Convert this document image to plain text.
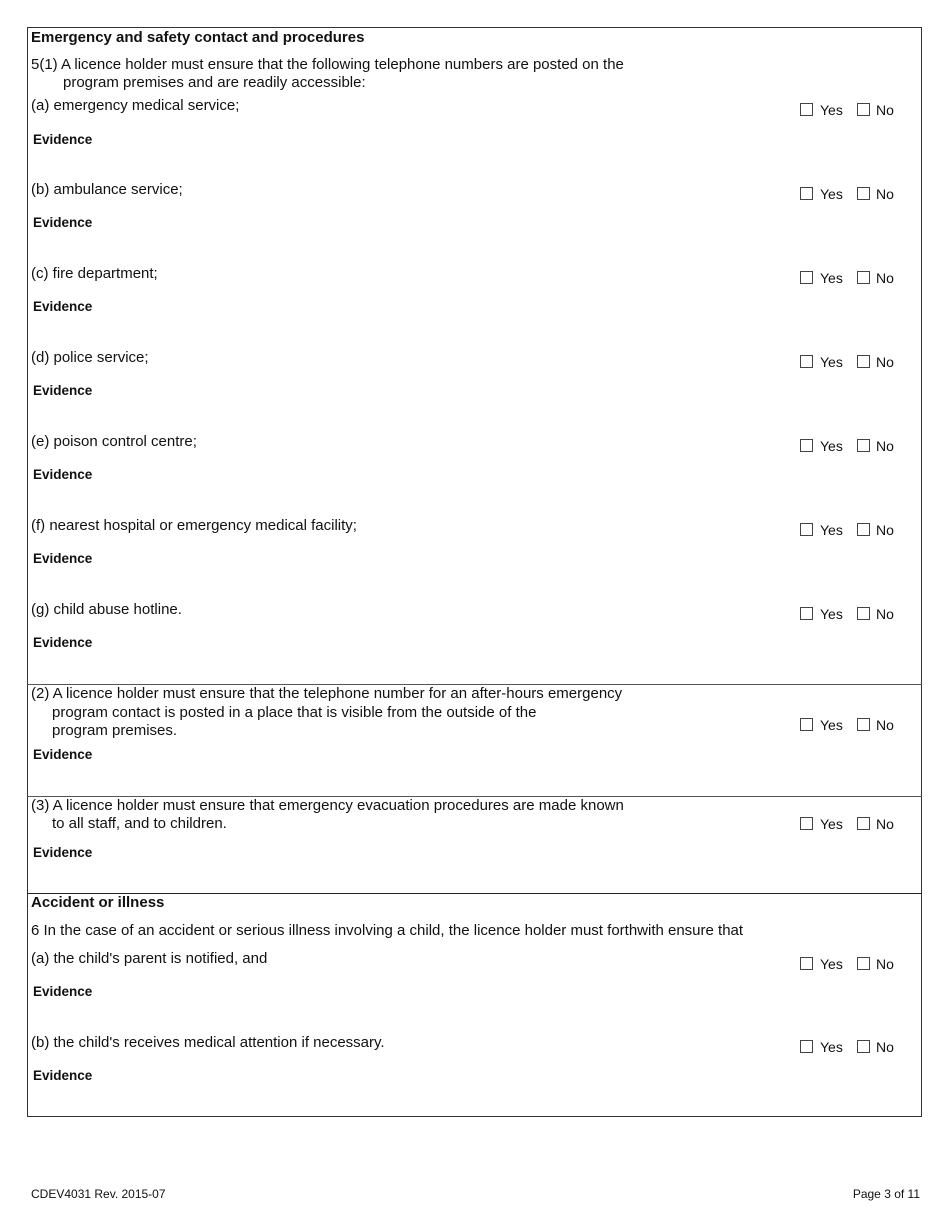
Emergency and safety contact and procedures
5(1) A licence holder must ensure that the following telephone numbers are posted on the
program premises and are readily accessible:
(a) emergency medical service;	Yes No
Evidence
(b) ambulance service;	Yes No
Evidence
(c) fire department;	Yes No
Evidence
(d) police service;	Yes No
Evidence
(e) poison control centre;	Yes No
Evidence
(f) nearest hospital or emergency medical facility;	Yes No
Evidence
(g) child abuse hotline.	Yes No
Evidence
(2) A licence holder must ensure that the telephone number for an after-hours emergency
program contact is posted in a place that is visible from the outside of the
program premises.	Yes No
Evidence
(3) A licence holder must ensure that emergency evacuation procedures are made known
to all staff, and to children.	Yes No
Evidence
Accident or illness
6 In the case of an accident or serious illness involving a child, the licence holder must forthwith ensure that
(a) the child's parent is notified, and	Yes No
Evidence
(b) the child's receives medical attention if necessary.	Yes No
Evidence
CDEV4031 Rev. 2015-07	Page 3 of 11
